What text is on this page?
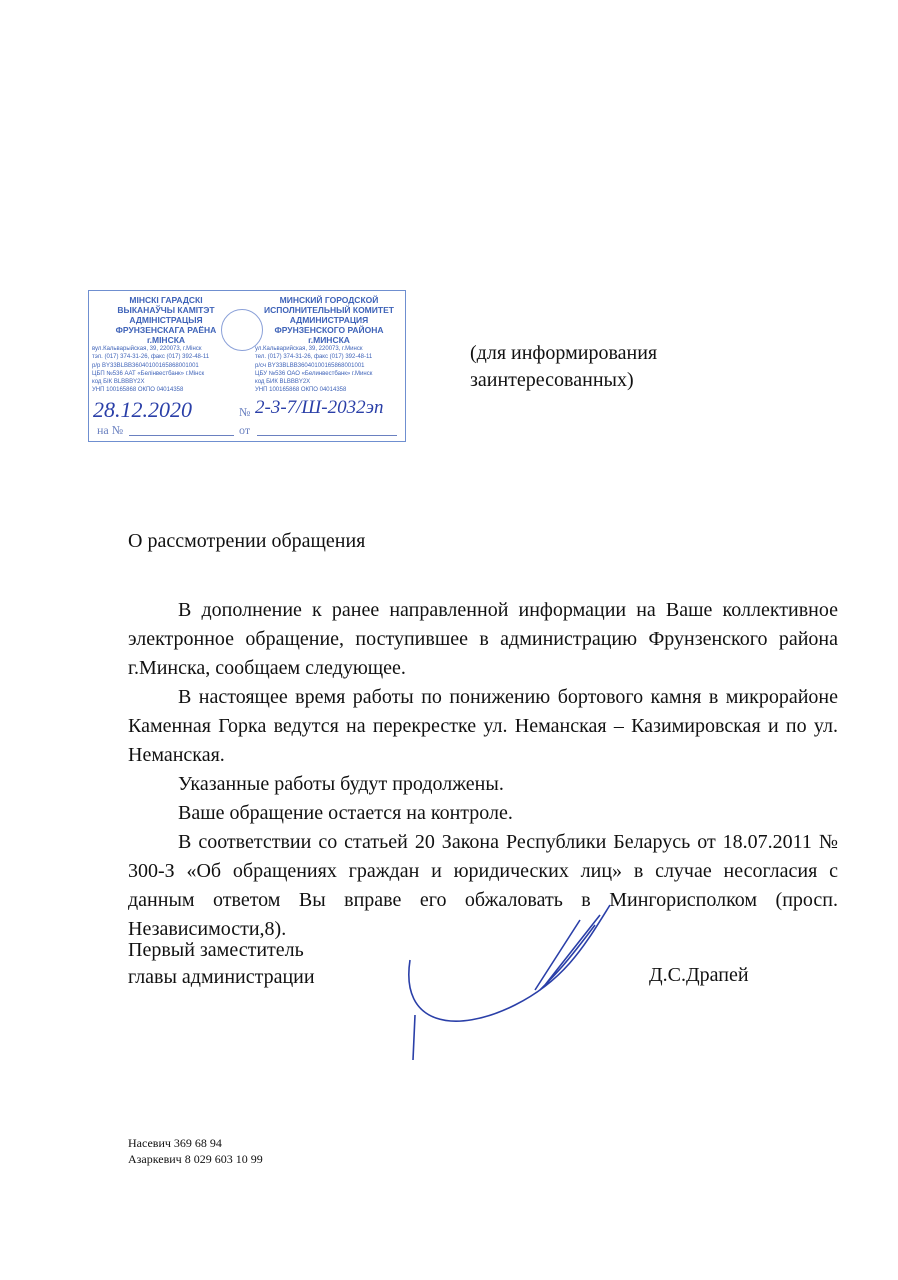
МІНСКІ ГАРАДСКІ
ВЫКАНАЎЧЫ КАМІТЭТ
АДМІНІСТРАЦЫЯ
ФРУНЗЕНСКАГА РАЁНА
г.МІНСКА
вул.Кальварыйская, 39, 220073, г.Мінск
тэл. (017) 374-31-26, факс (017) 392-48-11
р/р BY33BLBB36040100165868001001
ЦБП №536 ААТ «Белінвестбанк» г.Мінск
код БІК BLBBBY2X
УНП 100165868 ОКПО 04014358
МИНСКИЙ ГОРОДСКОЙ
ИСПОЛНИТЕЛЬНЫЙ КОМИТЕТ
АДМИНИСТРАЦИЯ
ФРУНЗЕНСКОГО РАЙОНА
г.МИНСКА
ул.Кальварийская, 39, 220073, г.Минск
тел. (017) 374-31-26, факс (017) 392-48-11
р/сч BY33BLBB36040100165868001001
ЦБУ №536 ОАО «Белинвестбанк» г.Минск
код БИК BLBBBY2X
УНП 100165868 ОКПО 04014358
28.12.2020	№ 2-3-7/Ш-2032эп
на №	от
(для информирования
заинтересованных)
О рассмотрении обращения

В дополнение к ранее направленной информации на Ваше коллективное электронное обращение, поступившее в администрацию Фрунзенского района г.Минска, сообщаем следующее.

В настоящее время работы по понижению бортового камня в микрорайоне Каменная Горка ведутся на перекрестке ул. Неманская – Казимировская и по ул. Неманская.

Указанные работы будут продолжены.

Ваше обращение остается на контроле.

В соответствии со статьей 20 Закона Республики Беларусь от 18.07.2011 № 300-З «Об обращениях граждан и юридических лиц» в случае несогласия с данным ответом Вы вправе его обжаловать в Мингорисполком (просп. Независимости,8).

Первый заместитель
главы администрации	Д.С.Драпей
Насевич 369 68 94
Азаркевич 8 029 603 10 99
